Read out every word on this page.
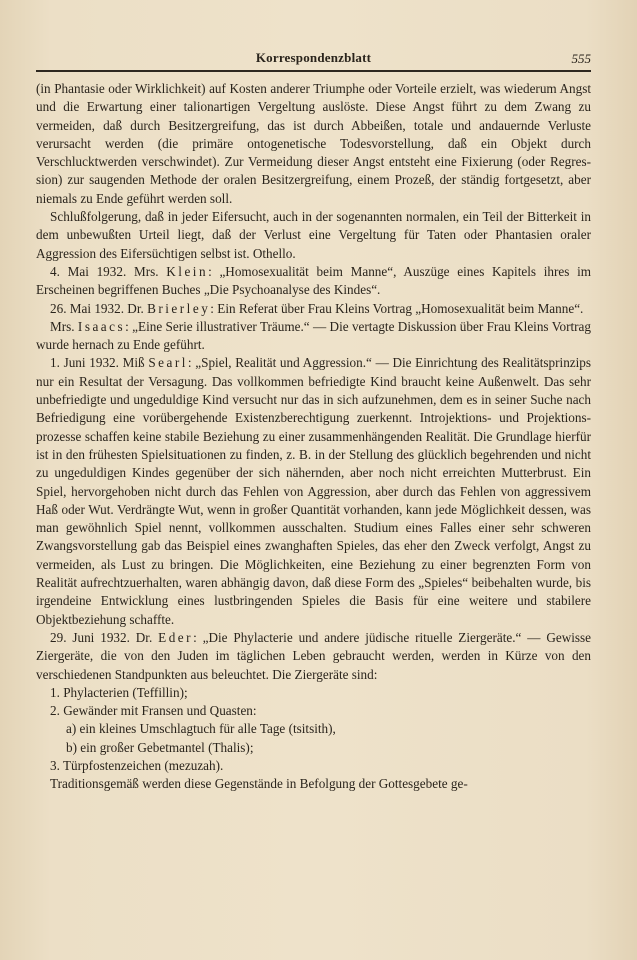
Korrespondenzblatt	555

(in Phantasie oder Wirklichkeit) auf Kosten anderer Triumphe oder Vorteile erzielt, was wiederum Angst und die Erwartung einer talionartigen Vergeltung auslöste. Diese Angst führt zu dem Zwang zu vermeiden, daß durch Besitzergreifung, das ist durch Abbeißen, totale und andauernde Verluste verursacht werden (die primäre ontogenetische Todesvorstellung, daß ein Objekt durch Verschlucktwerden verschwindet). Zur Vermeidung dieser Angst entsteht eine Fixierung (oder Regression) zur saugenden Methode der oralen Besitzergreifung, einem Prozeß, der ständig fortgesetzt, aber niemals zu Ende geführt werden soll.

Schlußfolgerung, daß in jeder Eifersucht, auch in der sogenannten normalen, ein Teil der Bitterkeit in dem unbewußten Urteil liegt, daß der Verlust eine Vergeltung für Taten oder Phantasien oraler Aggression des Eifersüchtigen selbst ist. Othello.

4. Mai 1932. Mrs. Klein: „Homosexualität beim Manne“, Auszüge eines Kapitels ihres im Erscheinen begriffenen Buches „Die Psychoanalyse des Kindes“.

26. Mai 1932. Dr. Brierley: Ein Referat über Frau Kleins Vortrag „Homosexualität beim Manne“.

Mrs. Isaacs: „Eine Serie illustrativer Träume.“ — Die vertagte Diskussion über Frau Kleins Vortrag wurde hernach zu Ende geführt.

1. Juni 1932. Miß Searl: „Spiel, Realität und Aggression.“ — Die Einrichtung des Realitätsprinzips nur ein Resultat der Versagung. Das vollkommen befriedigte Kind braucht keine Außenwelt. Das sehr unbefriedigte und ungeduldige Kind versucht nur das in sich aufzunehmen, dem es in seiner Suche nach Befriedigung eine vorübergehende Existenzberechtigung zuerkennt. Introjektions- und Projektionsprozesse schaffen keine stabile Beziehung zu einer zusammenhängenden Realität. Die Grundlage hierfür ist in den frühesten Spielsituationen zu finden, z. B. in der Stellung des glücklich begehrenden und nicht zu ungeduldigen Kindes gegenüber der sich nähernden, aber noch nicht erreichten Mutterbrust. Ein Spiel, hervorgehoben nicht durch das Fehlen von Aggression, aber durch das Fehlen von aggressivem Haß oder Wut. Verdrängte Wut, wenn in großer Quantität vorhanden, kann jede Möglichkeit dessen, was man gewöhnlich Spiel nennt, vollkommen ausschalten. Studium eines Falles einer sehr schweren Zwangsvorstellung gab das Beispiel eines zwanghaften Spieles, das eher den Zweck verfolgt, Angst zu vermeiden, als Lust zu bringen. Die Möglichkeiten, eine Beziehung zu einer begrenzten Form von Realität aufrechtzuerhalten, waren abhängig davon, daß diese Form des „Spieles“ beibehalten wurde, bis irgendeine Entwicklung eines lustbringenden Spieles die Basis für eine weitere und stabilere Objektbeziehung schaffte.

29. Juni 1932. Dr. Eder: „Die Phylacterie und andere jüdische rituelle Ziergeräte.“ — Gewisse Ziergeräte, die von den Juden im täglichen Leben gebraucht werden, werden in Kürze von den verschiedenen Standpunkten aus beleuchtet. Die Ziergeräte sind:

1. Phylacterien (Teffillin);
2. Gewänder mit Fransen und Quasten:
a) ein kleines Umschlagtuch für alle Tage (tsitsith),
b) ein großer Gebetmantel (Thalis);
3. Türpfostenzeichen (mezuzah).

Traditionsgemäß werden diese Gegenstände in Befolgung der Gottesgebete ge-
